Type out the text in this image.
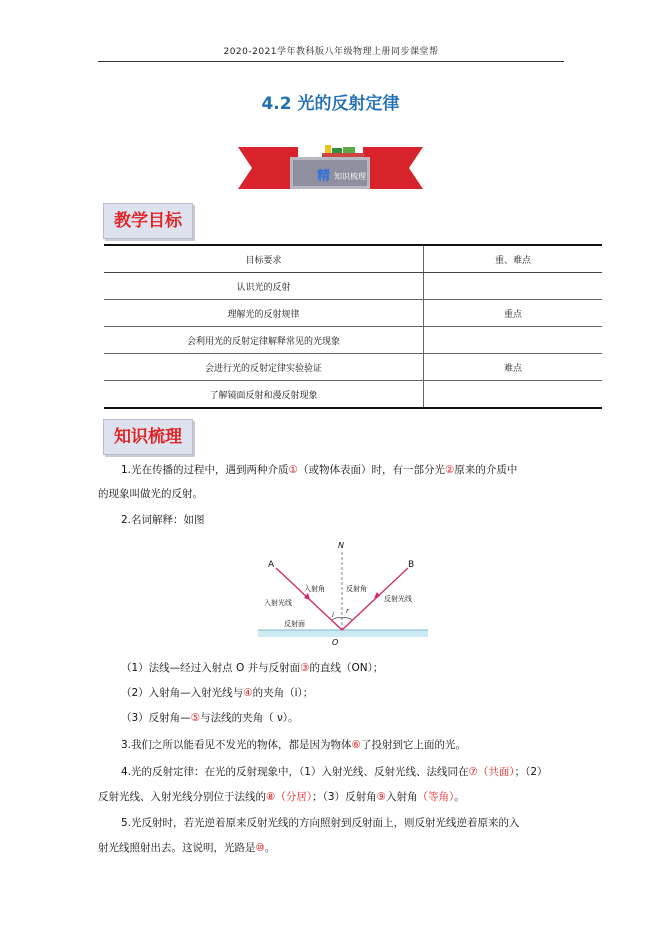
2020-2021学年教科版八年级物理上册同步课堂帮
4.2 光的反射定律
精 知识梳理
教学目标
目标要求	重、难点
认识光的反射	
理解光的反射规律	重点
会利用光的反射定律解释常见的光现象	
会进行光的反射定律实验验证	难点
了解镜面反射和漫反射现象	
知识梳理
1.光在传播的过程中，遇到两种介质①（或物体表面）时，有一部分光②原来的介质中
的现象叫做光的反射。
2.名词解释：如图
N
A	B
O
i r
入射角	反射角
入射光线	反射光线
反射面
（1）法线—经过入射点 O 并与反射面③的直线（ON）；
（2）入射角—入射光线与④的夹角（i）；
（3）反射角—⑤与法线的夹角（ ν）。
3.我们之所以能看见不发光的物体，都是因为物体⑥了投射到它上面的光。
4.光的反射定律：在光的反射现象中，（1）入射光线、反射光线、法线同在⑦（共面）；（2）
反射光线、入射光线分别位于法线的⑧（分居）；（3）反射角⑨入射角（等角）。
5.光反射时，若光逆着原来反射光线的方向照射到反射面上，则反射光线逆着原来的入
射光线照射出去。这说明，光路是⑩。
